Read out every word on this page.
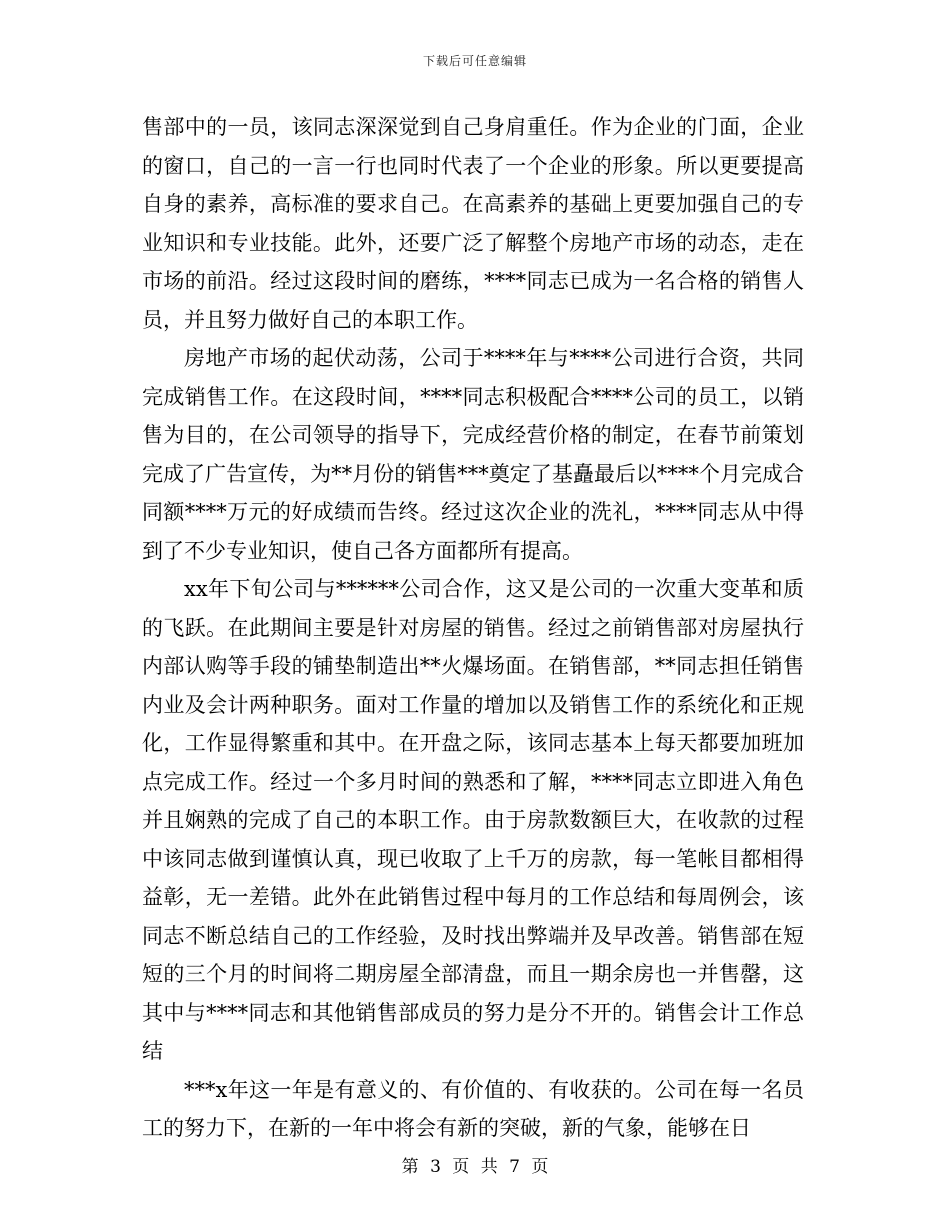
下载后可任意编辑

售部中的一员，该同志深深觉到自己身肩重任。作为企业的门面，企业的窗口，自己的一言一行也同时代表了一个企业的形象。所以更要提高自身的素养，高标准的要求自己。在高素养的基础上更要加强自己的专业知识和专业技能。此外，还要广泛了解整个房地产市场的动态，走在市场的前沿。经过这段时间的磨练，****同志已成为一名合格的销售人员，并且努力做好自己的本职工作。

房地产市场的起伏动荡，公司于****年与****公司进行合资，共同完成销售工作。在这段时间，****同志积极配合****公司的员工，以销售为目的，在公司领导的指导下，完成经营价格的制定，在春节前策划完成了广告宣传，为**月份的销售***奠定了基矗最后以****个月完成合同额****万元的好成绩而告终。经过这次企业的洗礼，****同志从中得到了不少专业知识，使自己各方面都所有提高。

xx年下旬公司与******公司合作，这又是公司的一次重大变革和质的飞跃。在此期间主要是针对房屋的销售。经过之前销售部对房屋执行内部认购等手段的铺垫制造出**火爆场面。在销售部，**同志担任销售内业及会计两种职务。面对工作量的增加以及销售工作的系统化和正规化，工作显得繁重和其中。在开盘之际，该同志基本上每天都要加班加点完成工作。经过一个多月时间的熟悉和了解，****同志立即进入角色并且娴熟的完成了自己的本职工作。由于房款数额巨大，在收款的过程中该同志做到谨慎认真，现已收取了上千万的房款，每一笔帐目都相得益彰，无一差错。此外在此销售过程中每月的工作总结和每周例会，该同志不断总结自己的工作经验，及时找出弊端并及早改善。销售部在短短的三个月的时间将二期房屋全部清盘，而且一期余房也一并售罄，这其中与****同志和其他销售部成员的努力是分不开的。销售会计工作总结

***x年这一年是有意义的、有价值的、有收获的。公司在每一名员工的努力下，在新的一年中将会有新的突破，新的气象，能够在日

第 3 页 共 7 页
